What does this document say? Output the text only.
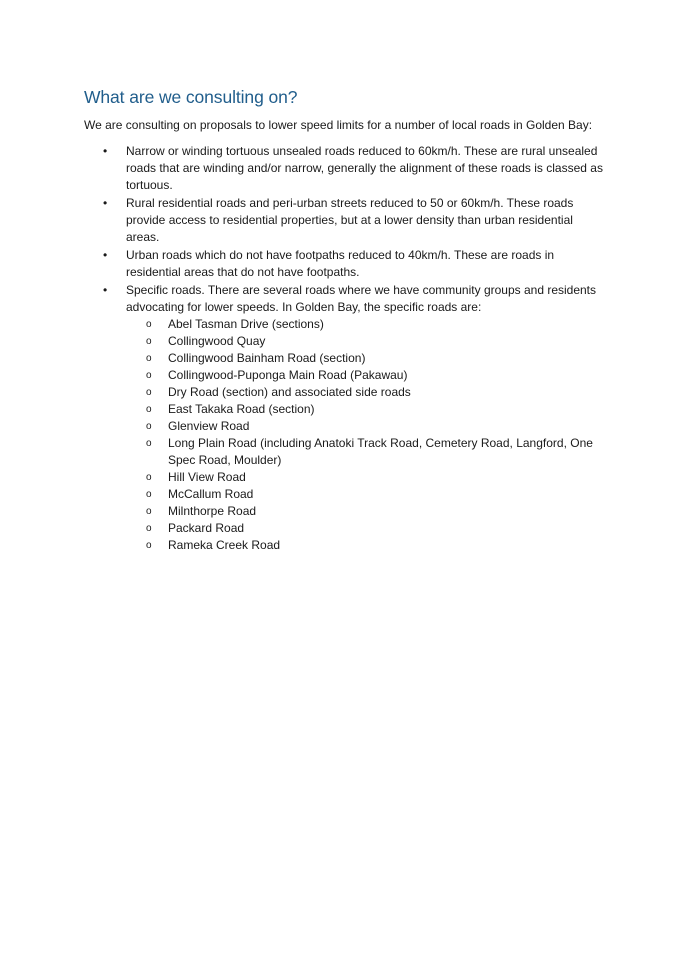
What are we consulting on?

We are consulting on proposals to lower speed limits for a number of local roads in Golden Bay:

• Narrow or winding tortuous unsealed roads reduced to 60km/h. These are rural unsealed roads that are winding and/or narrow, generally the alignment of these roads is classed as tortuous.
• Rural residential roads and peri-urban streets reduced to 50 or 60km/h. These roads provide access to residential properties, but at a lower density than urban residential areas.
• Urban roads which do not have footpaths reduced to 40km/h. These are roads in residential areas that do not have footpaths.
• Specific roads. There are several roads where we have community groups and residents advocating for lower speeds. In Golden Bay, the specific roads are:
o Abel Tasman Drive (sections)
o Collingwood Quay
o Collingwood Bainham Road (section)
o Collingwood-Puponga Main Road (Pakawau)
o Dry Road (section) and associated side roads
o East Takaka Road (section)
o Glenview Road
o Long Plain Road (including Anatoki Track Road, Cemetery Road, Langford, One Spec Road, Moulder)
o Hill View Road
o McCallum Road
o Milnthorpe Road
o Packard Road
o Rameka Creek Road
